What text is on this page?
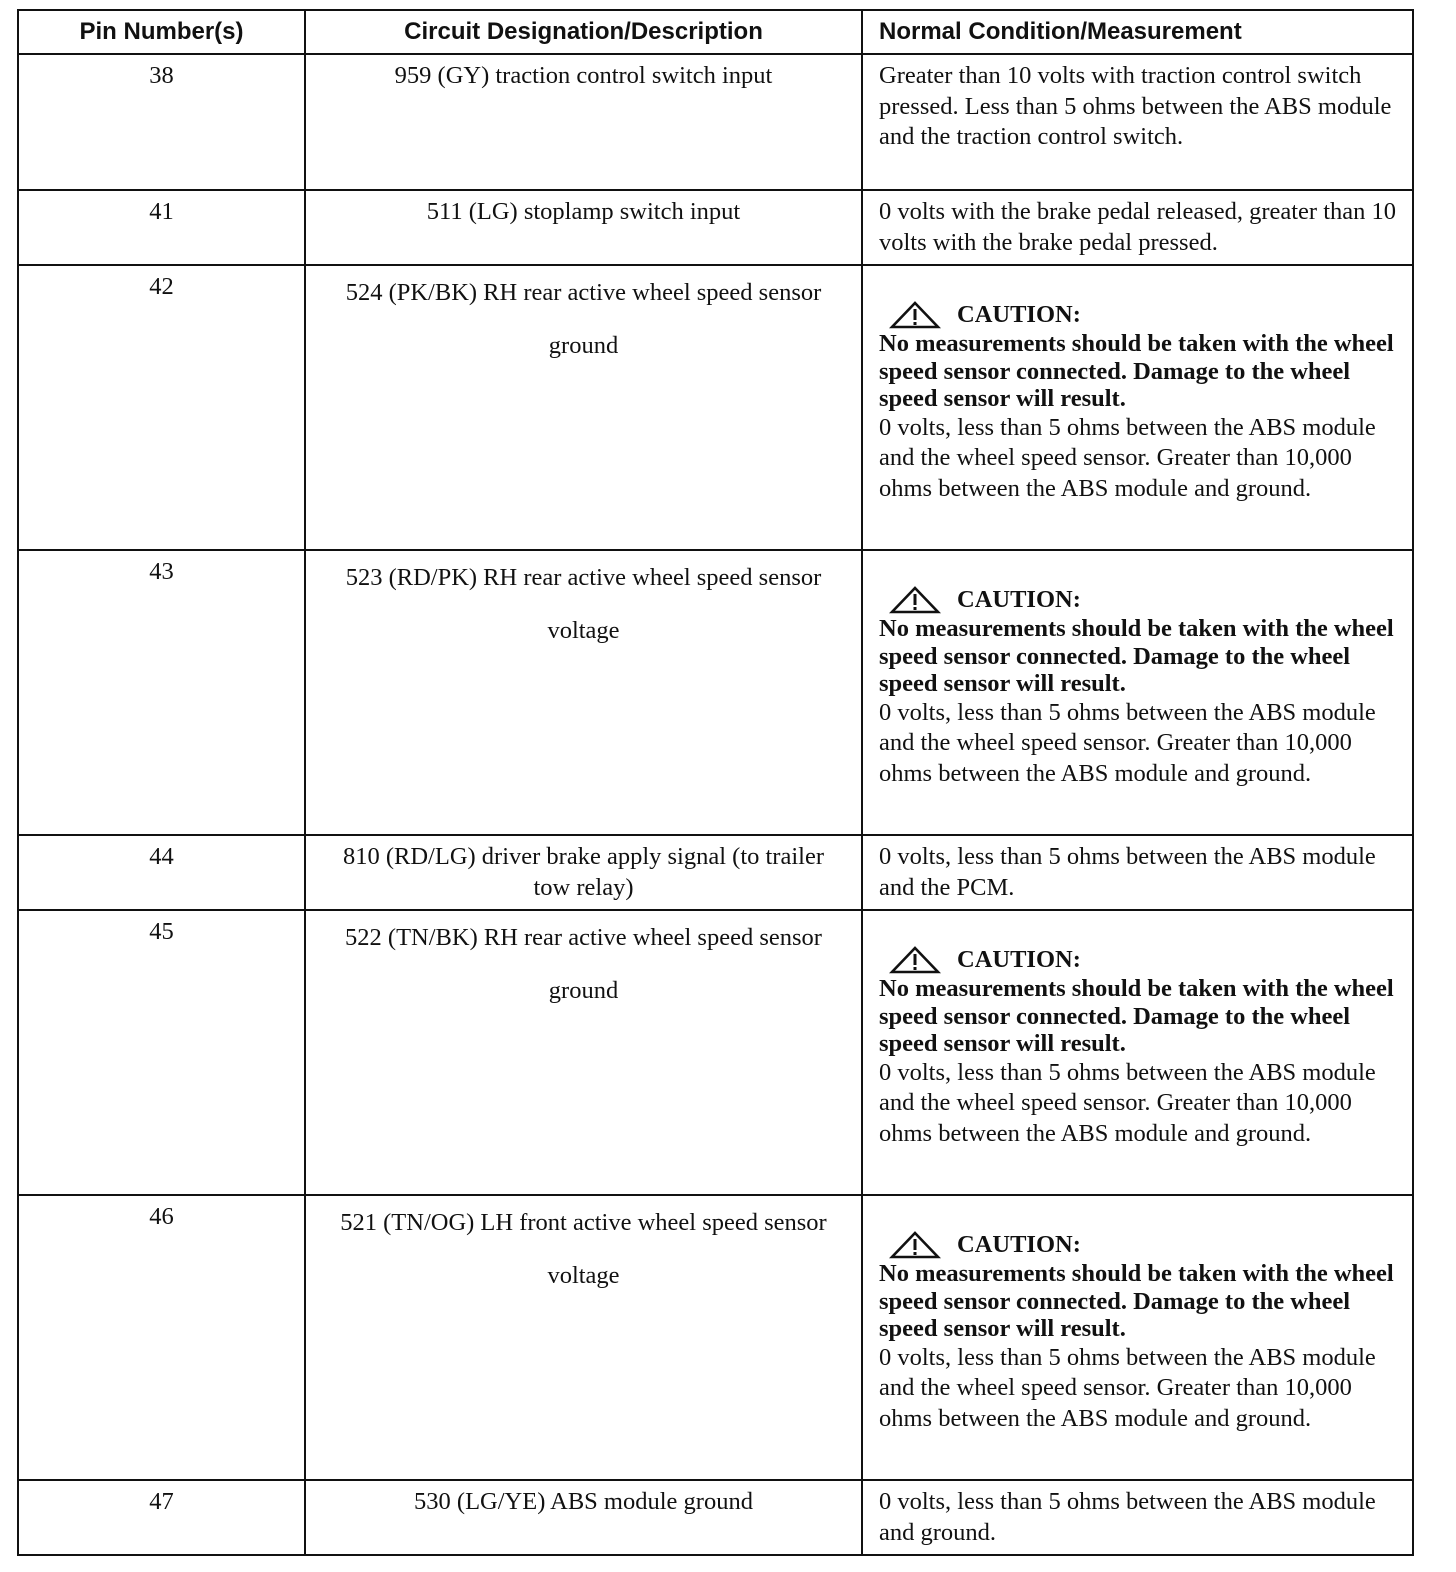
Pin Number(s)	Circuit Designation/Description	Normal Condition/Measurement
38	959 (GY) traction control switch input	Greater than 10 volts with traction control switch pressed. Less than 5 ohms between the ABS module and the traction control switch.
41	511 (LG) stoplamp switch input	0 volts with the brake pedal released, greater than 10 volts with the brake pedal pressed.
42	524 (PK/BK) RH rear active wheel speed sensor ground	CAUTION:
No measurements should be taken with the wheel speed sensor connected. Damage to the wheel speed sensor will result.
0 volts, less than 5 ohms between the ABS module and the wheel speed sensor. Greater than 10,000 ohms between the ABS module and ground.

43	523 (RD/PK) RH rear active wheel speed sensor voltage	CAUTION:
No measurements should be taken with the wheel speed sensor connected. Damage to the wheel speed sensor will result.
0 volts, less than 5 ohms between the ABS module and the wheel speed sensor. Greater than 10,000 ohms between the ABS module and ground.

44	810 (RD/LG) driver brake apply signal (to trailer tow relay)	0 volts, less than 5 ohms between the ABS module and the PCM.
45	522 (TN/BK) RH rear active wheel speed sensor ground	CAUTION:
No measurements should be taken with the wheel speed sensor connected. Damage to the wheel speed sensor will result.
0 volts, less than 5 ohms between the ABS module and the wheel speed sensor. Greater than 10,000 ohms between the ABS module and ground.

46	521 (TN/OG) LH front active wheel speed sensor voltage	CAUTION:
No measurements should be taken with the wheel speed sensor connected. Damage to the wheel speed sensor will result.
0 volts, less than 5 ohms between the ABS module and the wheel speed sensor. Greater than 10,000 ohms between the ABS module and ground.

47	530 (LG/YE) ABS module ground	0 volts, less than 5 ohms between the ABS module and ground.
